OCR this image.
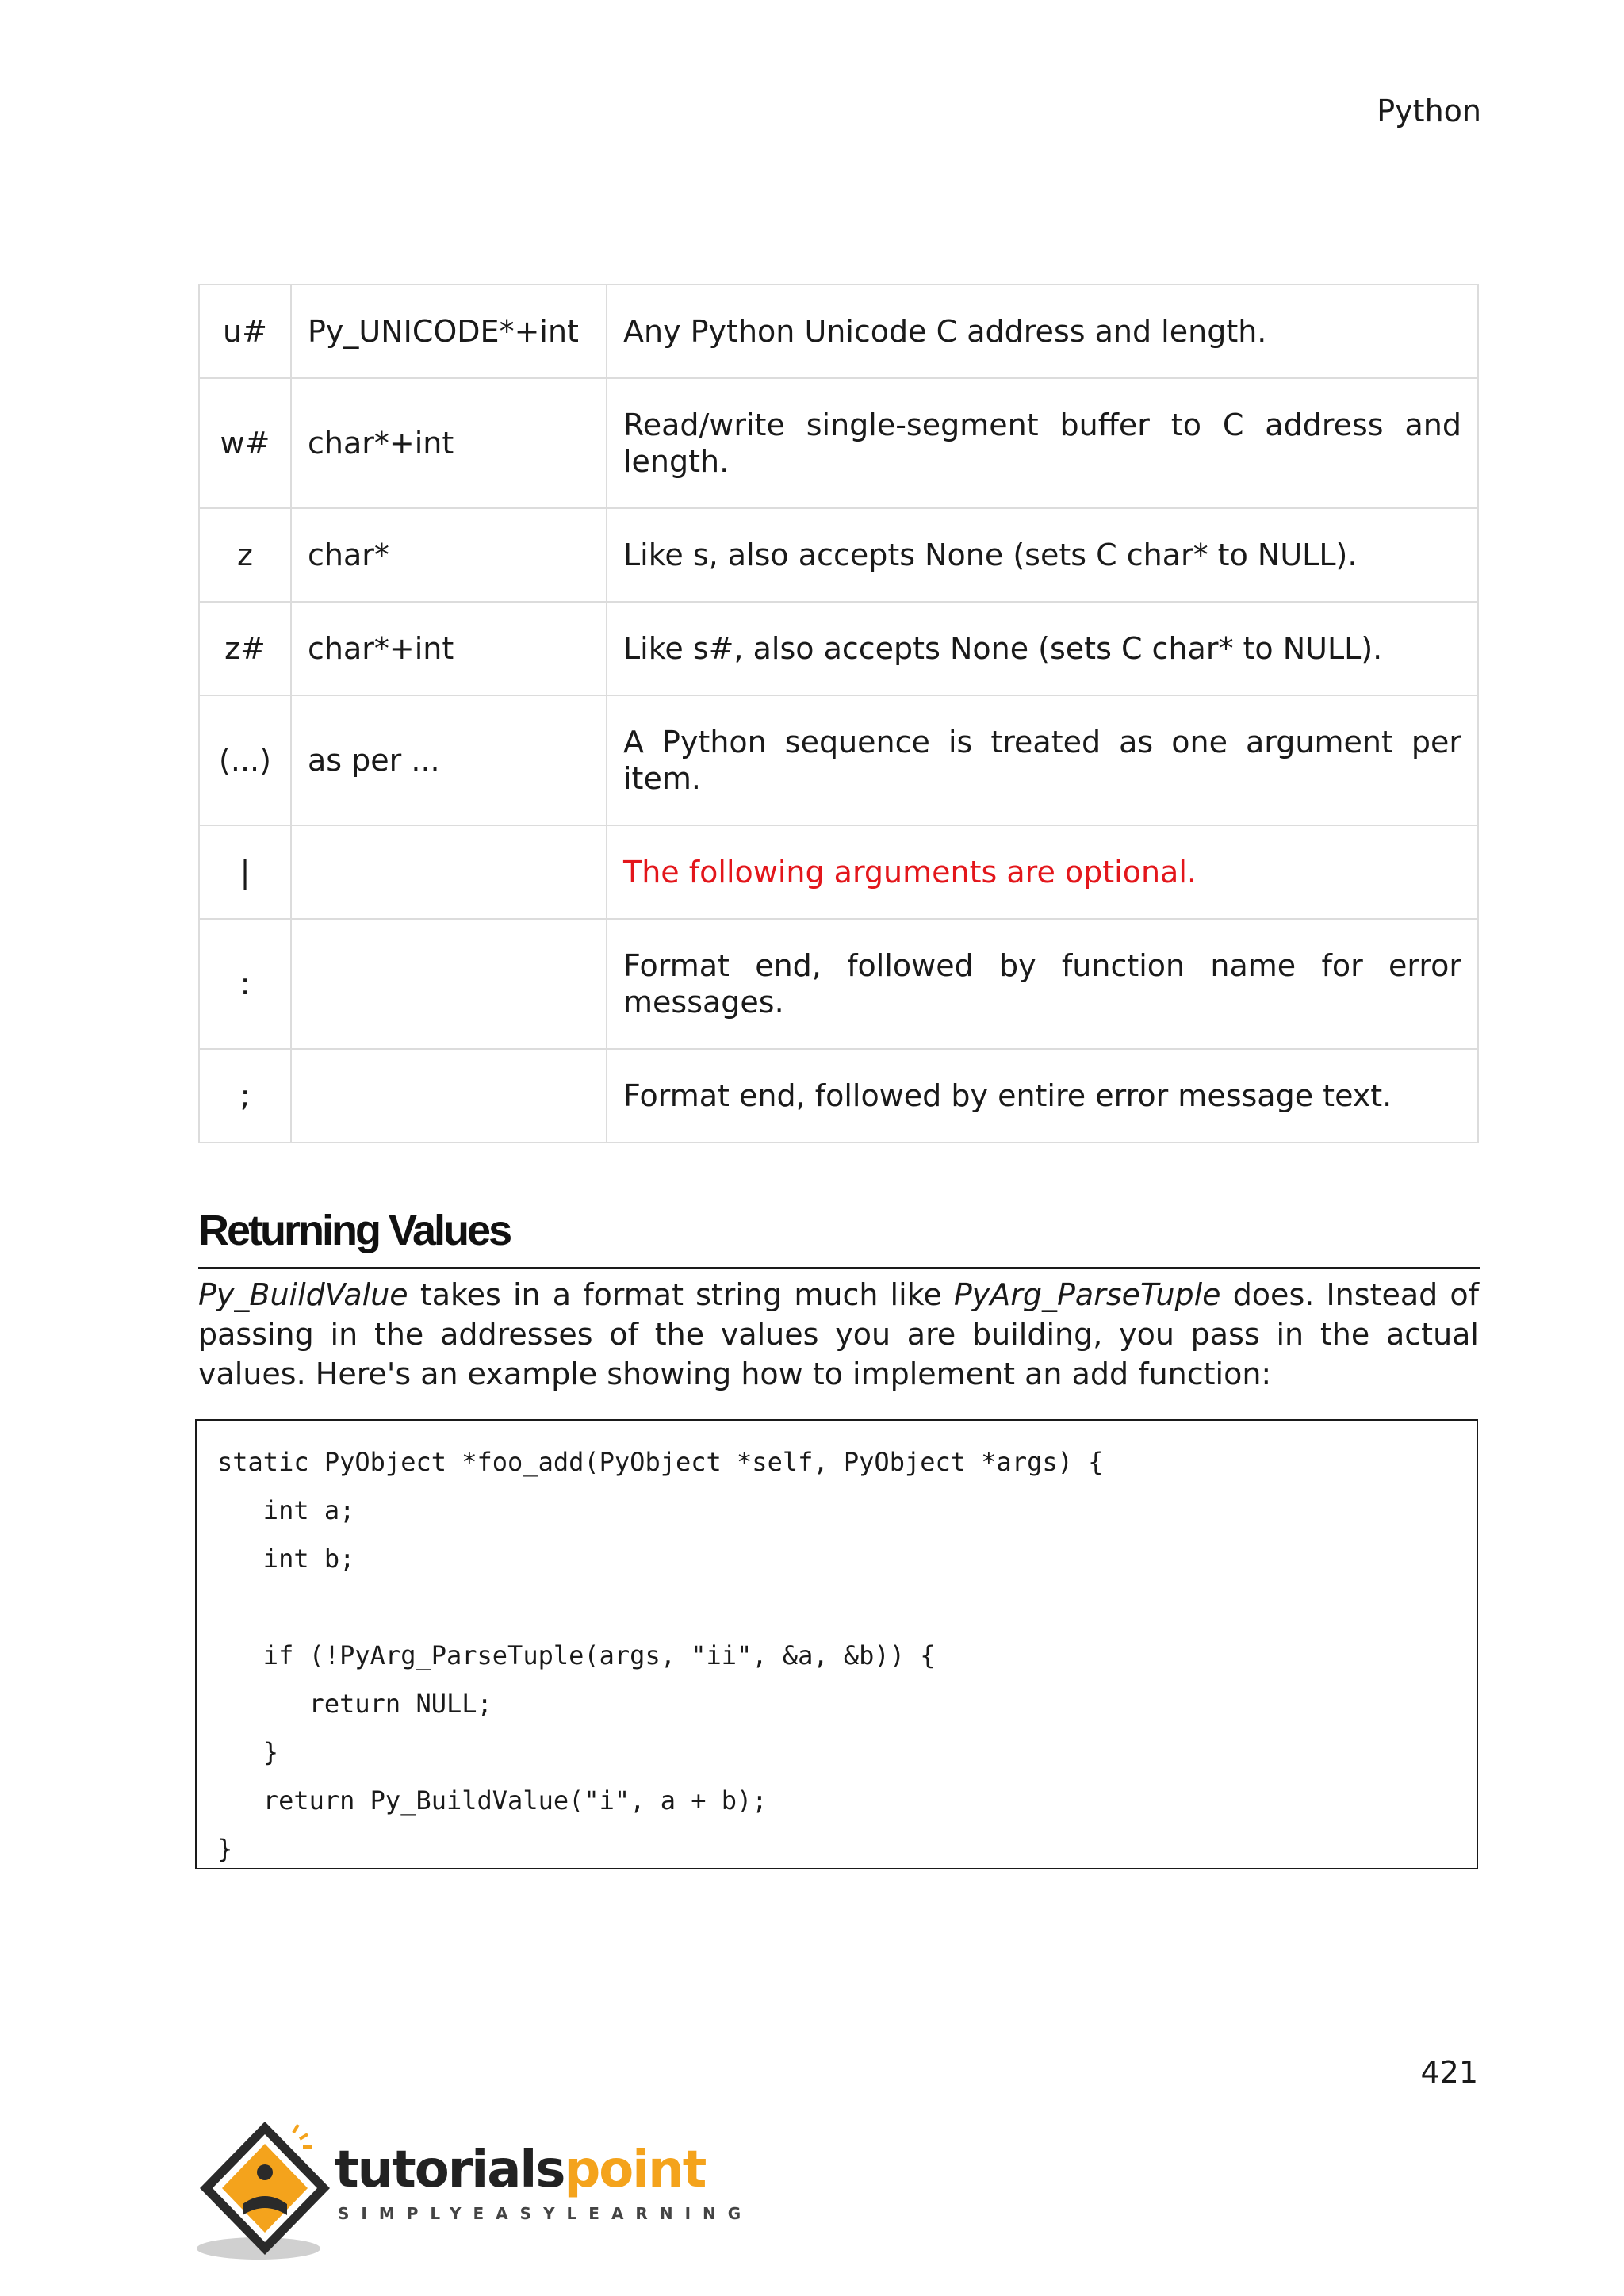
Python
u#	Py_UNICODE*+int	Any Python Unicode C address and length.
w#	char*+int	Read/write single-segment buffer to C address and length.
z	char*	Like s, also accepts None (sets C char* to NULL).
z#	char*+int	Like s#, also accepts None (sets C char* to NULL).
(...)	as per ...	A Python sequence is treated as one argument per item.
|		The following arguments are optional.
:		Format end, followed by function name for error messages.
;		Format end, followed by entire error message text.
Returning Values
Py_BuildValue takes in a format string much like PyArg_ParseTuple does. Instead of passing in the addresses of the values you are building, you pass in the actual values. Here's an example showing how to implement an add function:
static PyObject *foo_add(PyObject *self, PyObject *args) {
int a;
int b;

if (!PyArg_ParseTuple(args, "ii", &a, &b)) {
return NULL;
}
return Py_BuildValue("i", a + b);
}
421
tutorialspoint
SIMPLYEASYLEARNING
